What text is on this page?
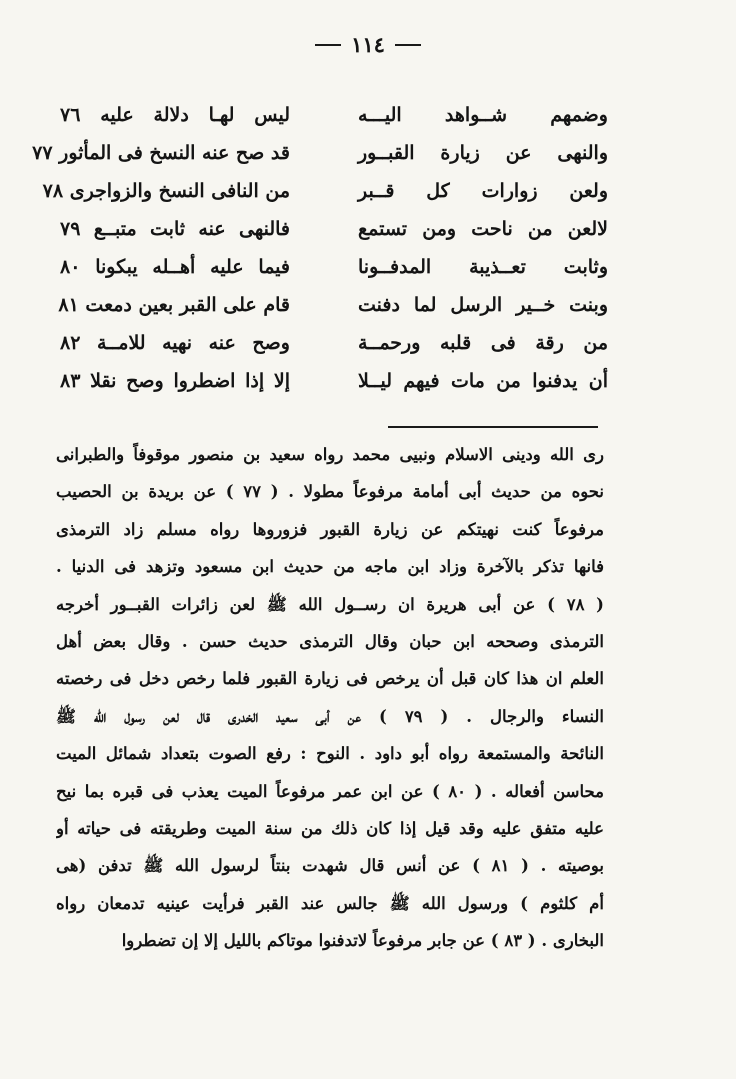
١١٤
وضمهم شــواهد اليـــه
ليس لهـا دلالة عليه ٧٦
والنهى عن زيارة القبــور
قد صح عنه النسخ فى المأثور ٧٧
ولعن زوارات كل قــبر
من النافى النسخ والزواجرى ٧٨
لالعن من ناحت ومن تستمع
فالنهى عنه ثابت متبــع ٧٩
وثابت تعــذيبة المدفــونا
فيما عليه أهــله يبكونا ٨٠
وبنت خــير الرسل لما دفنت
قام على القبر بعين دمعت ٨١
من رقة فى قلبه ورحمــة
وصح عنه نهيه للامــة ٨٢
أن يدفنوا من مات فيهم ليــلا
إلا إذا اضطروا وصح نقلا ٨٣
رى الله ودينى الاسلام ونبيى محمد رواه سعيد بن منصور موقوفاً والطبرانى
نحوه من حديث أبى أمامة مرفوعاً مطولا . ( ٧٧ ) عن بريدة بن الحصيب
مرفوعاً كنت نهيتكم عن زيارة القبور فزوروها رواه مسلم زاد الترمذى
فانها تذكر بالآخرة وزاد ابن ماجه من حديث ابن مسعود وتزهد فى الدنيا .
( ٧٨ ) عن أبى هريرة ان رســول الله ﷺ لعن زائرات القبــور أخرجه
الترمذى وصححه ابن حبان وقال الترمذى حديث حسن . وقال بعض أهل
العلم ان هذا كان قبل أن يرخص فى زيارة القبور فلما رخص دخل فى رخصته
النساء والرجال . ( ٧٩ ) عن أبى سعيد الخدرى قال لعن رسول الله ﷺ
النائحة والمستمعة رواه أبو داود . النوح : رفع الصوت بتعداد شمائل الميت
محاسن أفعاله . ( ٨٠ ) عن ابن عمر مرفوعاً الميت يعذب فى قبره بما نيح
عليه متفق عليه وقد قيل إذا كان ذلك من سنة الميت وطريقته فى حياته أو
بوصيته . ( ٨١ ) عن أنس قال شهدت بنتاً لرسول الله ﷺ تدفن (هى
أم كلثوم ) ورسول الله ﷺ جالس عند القبر فرأيت عينيه تدمعان رواه
البخارى . ( ٨٣ ) عن جابر مرفوعاً لاتدفنوا موتاكم بالليل إلا إن تضطروا
